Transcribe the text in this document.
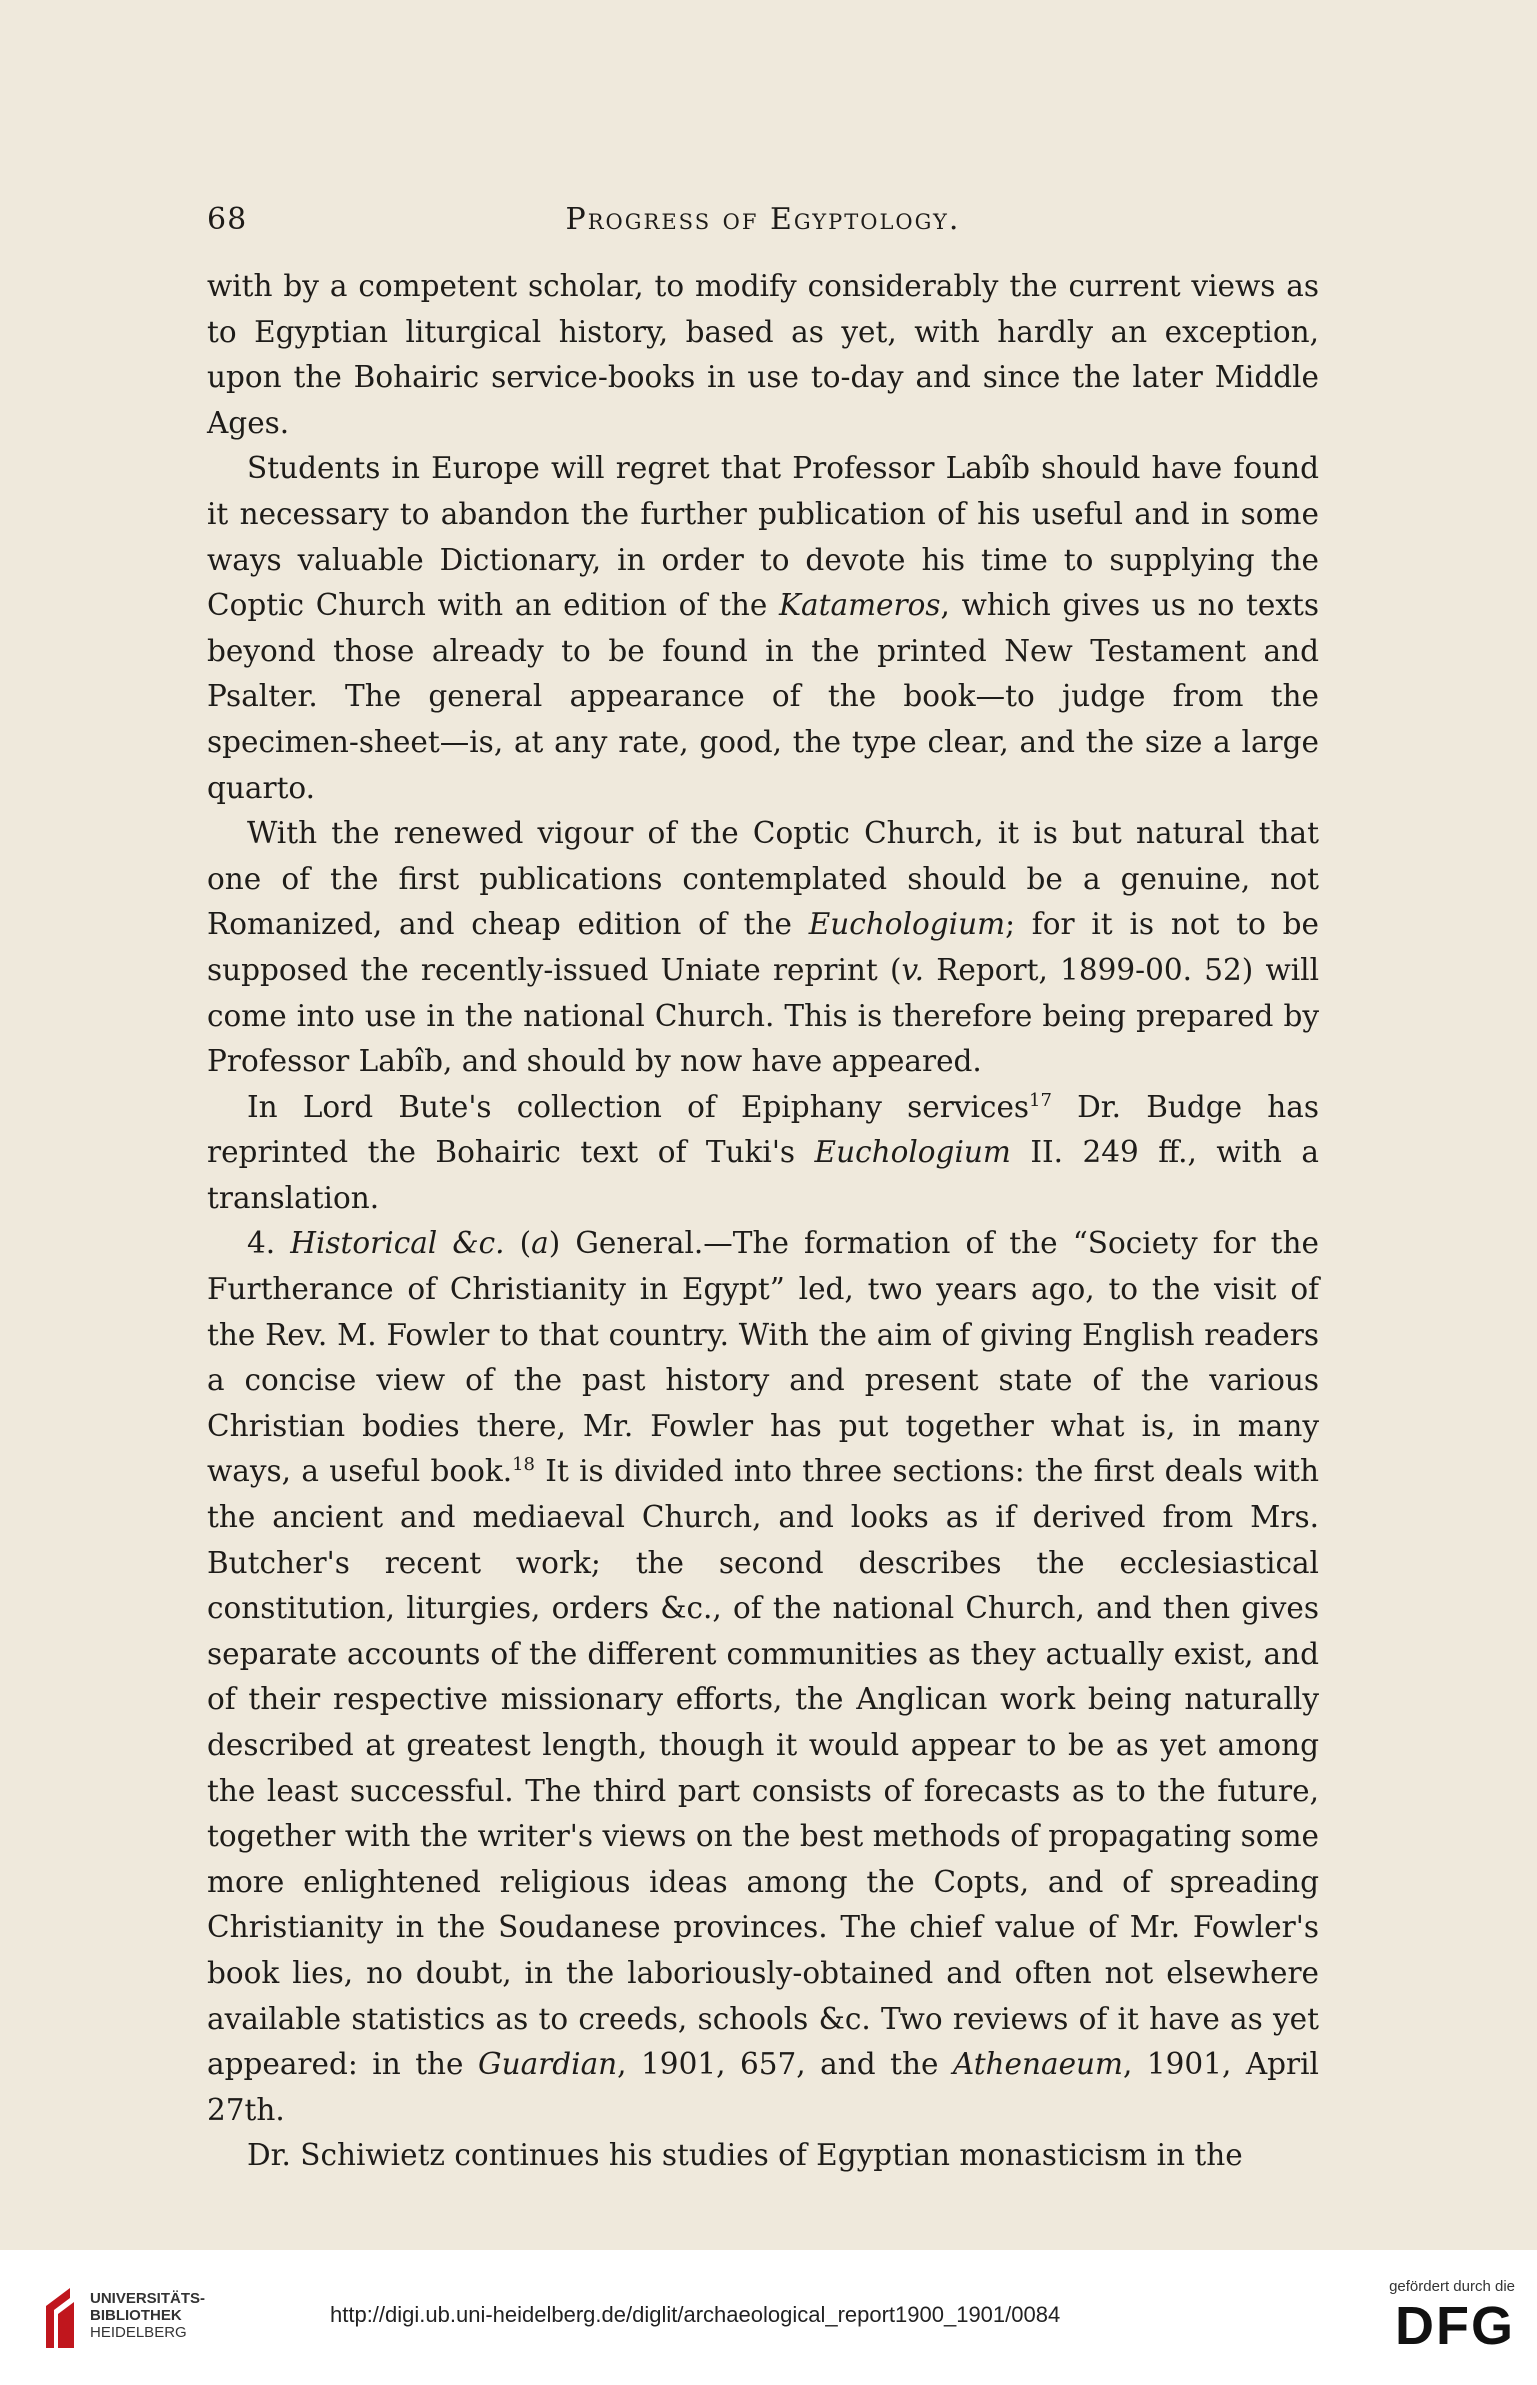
68	Progress of Egyptology.

with by a competent scholar, to modify considerably the current views as to Egyptian liturgical history, based as yet, with hardly an exception, upon the Bohairic service-books in use to-day and since the later Middle Ages.

Students in Europe will regret that Professor Labîb should have found it necessary to abandon the further publication of his useful and in some ways valuable Dictionary, in order to devote his time to supplying the Coptic Church with an edition of the Katameros, which gives us no texts beyond those already to be found in the printed New Testament and Psalter. The general appearance of the book—to judge from the specimen-sheet—is, at any rate, good, the type clear, and the size a large quarto.

With the renewed vigour of the Coptic Church, it is but natural that one of the first publications contemplated should be a genuine, not Romanized, and cheap edition of the Euchologium; for it is not to be supposed the recently-issued Uniate reprint (v. Report, 1899-00. 52) will come into use in the national Church. This is therefore being prepared by Professor Labîb, and should by now have appeared.

In Lord Bute's collection of Epiphany services$^{17}$ Dr. Budge has reprinted the Bohairic text of Tuki's Euchologium II. 249 ff., with a translation.

4. Historical &c. (a) General.—The formation of the “Society for the Furtherance of Christianity in Egypt” led, two years ago, to the visit of the Rev. M. Fowler to that country. With the aim of giving English readers a concise view of the past history and present state of the various Christian bodies there, Mr. Fowler has put together what is, in many ways, a useful book.$^{18}$ It is divided into three sections: the first deals with the ancient and mediaeval Church, and looks as if derived from Mrs. Butcher's recent work; the second describes the ecclesiastical constitution, liturgies, orders &c., of the national Church, and then gives separate accounts of the different communities as they actually exist, and of their respective missionary efforts, the Anglican work being naturally described at greatest length, though it would appear to be as yet among the least successful. The third part consists of forecasts as to the future, together with the writer's views on the best methods of propagating some more enlightened religious ideas among the Copts, and of spreading Christianity in the Soudanese provinces. The chief value of Mr. Fowler's book lies, no doubt, in the laboriously-obtained and often not elsewhere available statistics as to creeds, schools &c. Two reviews of it have as yet appeared: in the Guardian, 1901, 657, and the Athenaeum, 1901, April 27th.

Dr. Schiwietz continues his studies of Egyptian monasticism in the

UNIVERSITÄTS-
BIBLIOTHEK
HEIDELBERG
http://digi.ub.uni-heidelberg.de/diglit/archaeological_report1900_1901/0084
gefördert durch die
DFG
